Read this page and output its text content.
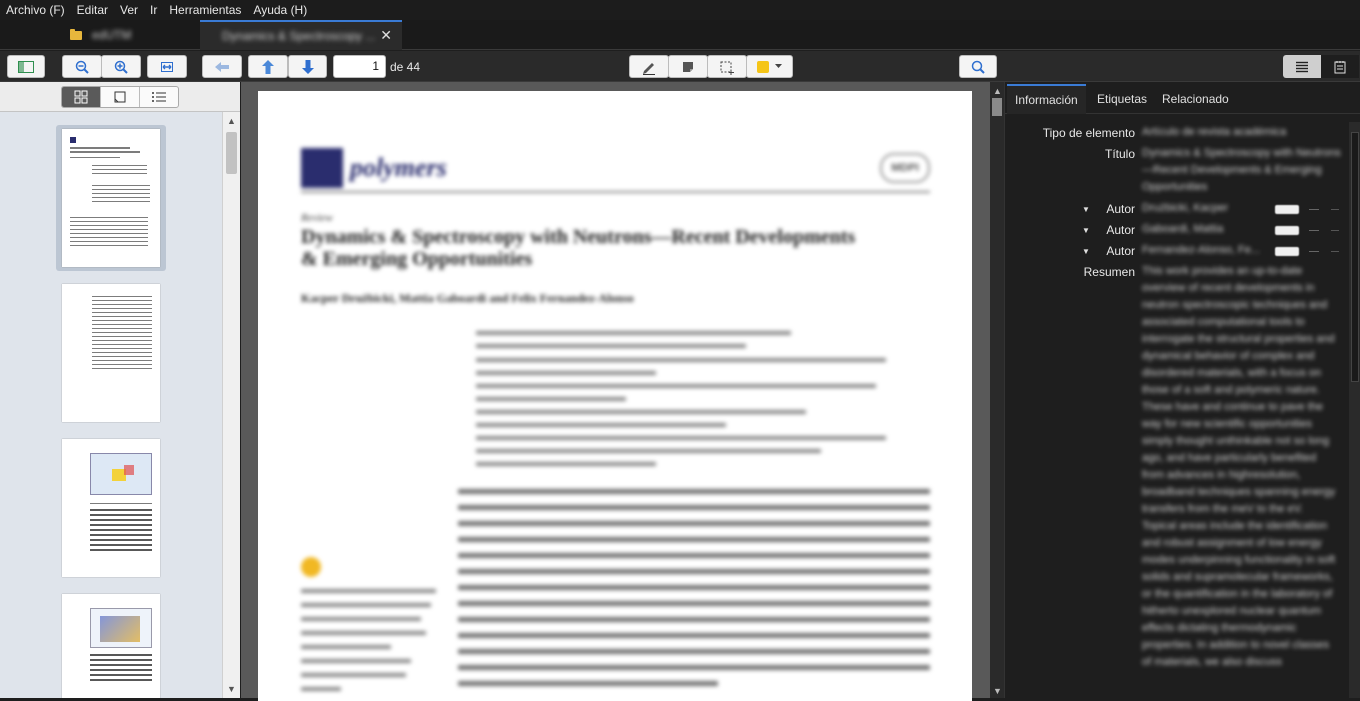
Archivo (F) Editar Ver Ir Herramientas Ayuda (H)
edUTM	Dynamics & Spectroscopy ... ✕
1 de 44
▲
▼
polymers	MDPI
Review
Dynamics & Spectroscopy with Neutrons—Recent Developments & Emerging Opportunities
Kacper Drużbicki, Mattia Gaboardi and Felix Fernandez-Alonso
▲
▼
Información	Etiquetas	Relacionado
Tipo de elemento Artículo de revista académica
Título Dynamics & Spectroscopy with Neutrons—Recent Developments & Emerging Opportunities
▼	Autor Drużbicki, Kacper
▼	Autor Gaboardi, Mattia
▼	Autor Fernandez-Alonso, Fe...
Resumen This work provides an up-to-date overview of recent developments in neutron spectroscopic techniques and associated computational tools to interrogate the structural properties and dynamical behavior of complex and disordered materials, with a focus on those of a soft and polymeric nature. These have and continue to pave the way for new scientific opportunities simply thought unthinkable not so long ago, and have particularly benefited from advances in highresolution, broadband techniques spanning energy transfers from the meV to the eV. Topical areas include the identification and robust assignment of low energy modes underpinning functionality in soft solids and supramolecular frameworks, or the quantification in the laboratory of hitherto unexplored nuclear quantum effects dictating thermodynamic properties. In addition to novel classes of materials, we also discuss
